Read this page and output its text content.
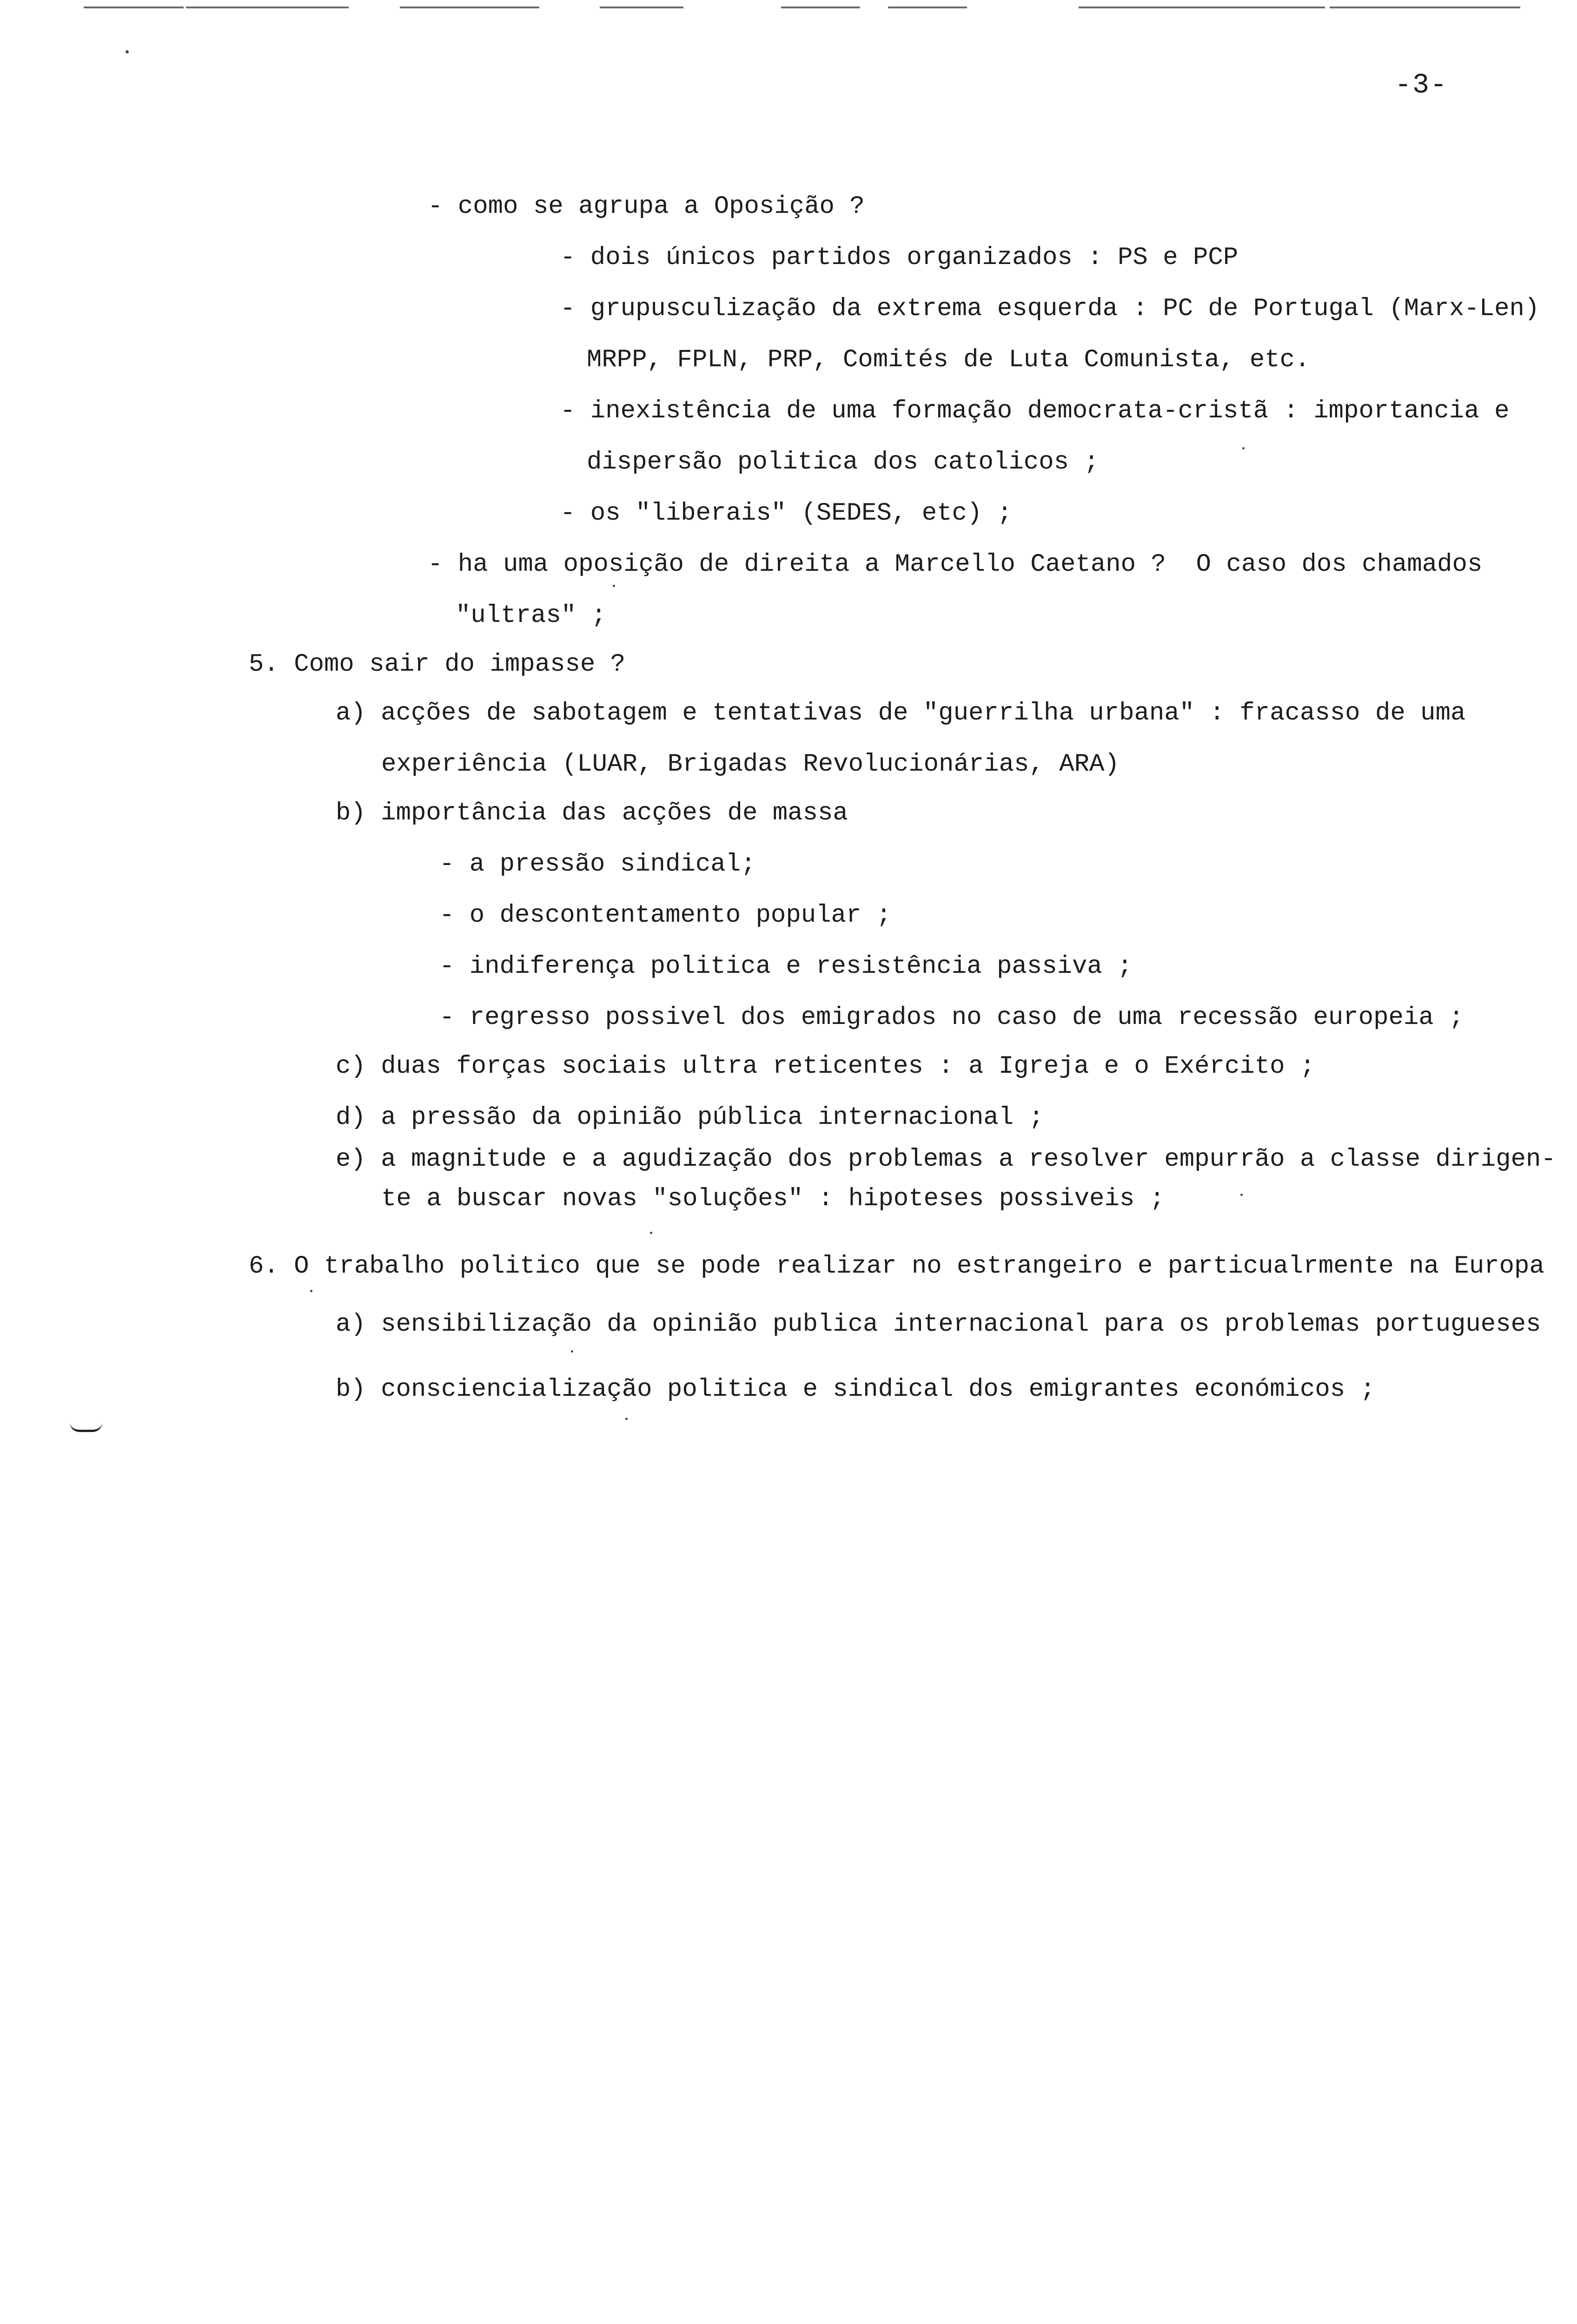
-3-
- como se agrupa a Oposição ?
- dois únicos partidos organizados : PS e PCP
- grupusculização da extrema esquerda : PC de Portugal (Marx-Len)
MRPP, FPLN, PRP, Comités de Luta Comunista, etc.
- inexistência de uma formação democrata-cristã : importancia e
dispersão politica dos catolicos ;
- os "liberais" (SEDES, etc) ;
- ha uma oposição de direita a Marcello Caetano ?  O caso dos chamados
"ultras" ;
5. Como sair do impasse ?
a) acções de sabotagem e tentativas de "guerrilha urbana" : fracasso de uma
experiência (LUAR, Brigadas Revolucionárias, ARA)
b) importância das acções de massa
- a pressão sindical;
- o descontentamento popular ;
- indiferença politica e resistência passiva ;
- regresso possivel dos emigrados no caso de uma recessão europeia ;
c) duas forças sociais ultra reticentes : a Igreja e o Exército ;
d) a pressão da opinião pública internacional ;
e) a magnitude e a agudização dos problemas a resolver empurrão a classe dirigen-
te a buscar novas "soluções" : hipoteses possiveis ;
6. O trabalho politico que se pode realizar no estrangeiro e particualrmente na Europa
a) sensibilização da opinião publica internacional para os problemas portugueses
b) consciencialização politica e sindical dos emigrantes económicos ;
